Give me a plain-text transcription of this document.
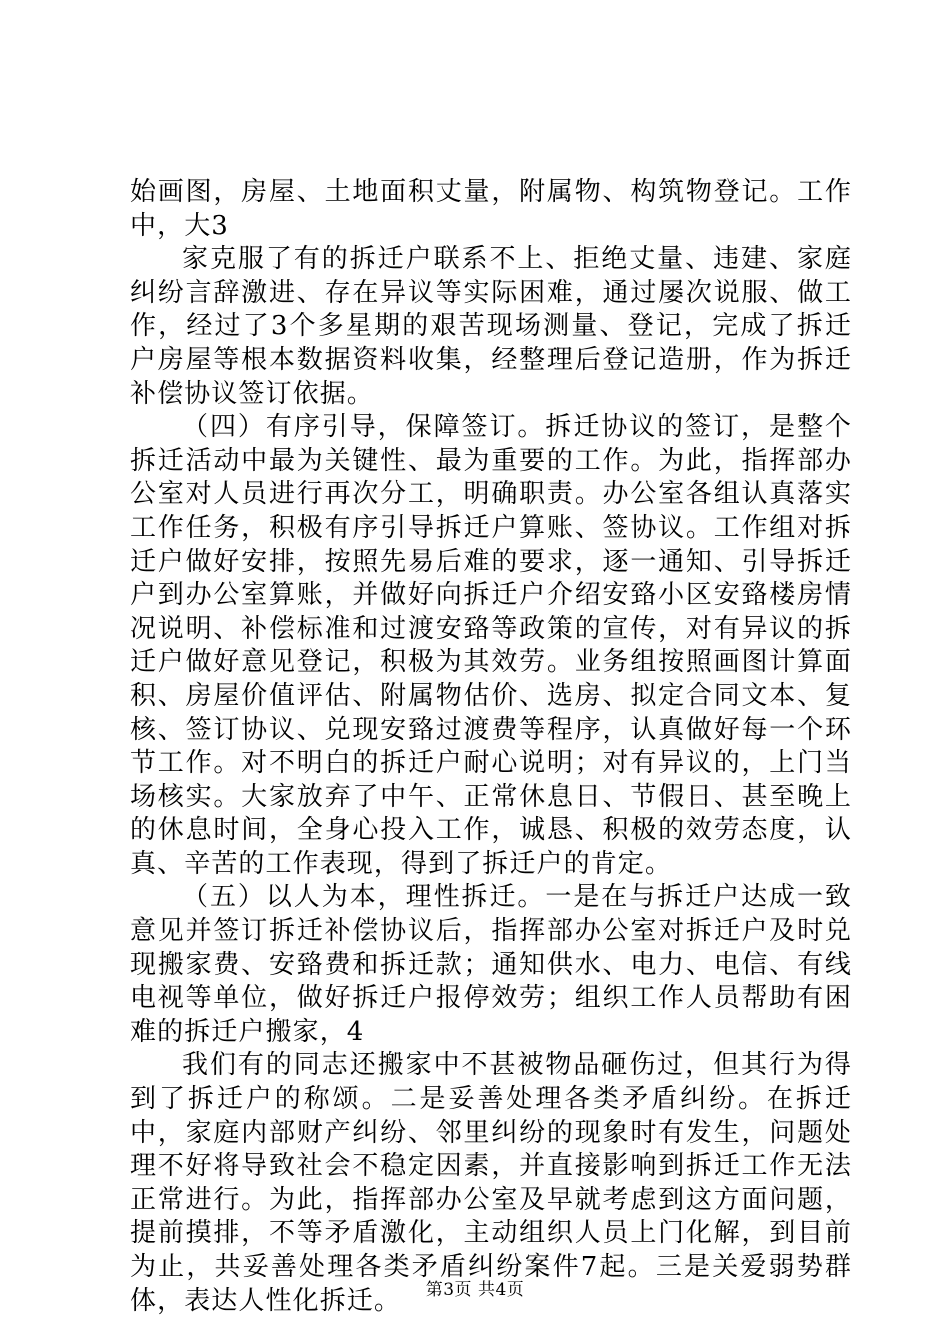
始画图，房屋、土地面积丈量，附属物、构筑物登记。工作中，大3

家克服了有的拆迁户联系不上、拒绝丈量、违建、家庭纠纷言辞激进、存在异议等实际困难，通过屡次说服、做工作，经过了3个多星期的艰苦现场测量、登记，完成了拆迁户房屋等根本数据资料收集，经整理后登记造册，作为拆迁补偿协议签订依据。

（四）有序引导，保障签订。拆迁协议的签订，是整个拆迁活动中最为关键性、最为重要的工作。为此，指挥部办公室对人员进行再次分工，明确职责。办公室各组认真落实工作任务，积极有序引导拆迁户算账、签协议。工作组对拆迁户做好安排，按照先易后难的要求，逐一通知、引导拆迁户到办公室算账，并做好向拆迁户介绍安臵小区安臵楼房情况说明、补偿标准和过渡安臵等政策的宣传，对有异议的拆迁户做好意见登记，积极为其效劳。业务组按照画图计算面积、房屋价值评估、附属物估价、选房、拟定合同文本、复核、签订协议、兑现安臵过渡费等程序，认真做好每一个环节工作。对不明白的拆迁户耐心说明；对有异议的，上门当场核实。大家放弃了中午、正常休息日、节假日、甚至晚上的休息时间，全身心投入工作，诚恳、积极的效劳态度，认真、辛苦的工作表现，得到了拆迁户的肯定。

（五）以人为本，理性拆迁。一是在与拆迁户达成一致意见并签订拆迁补偿协议后，指挥部办公室对拆迁户及时兑现搬家费、安臵费和拆迁款；通知供水、电力、电信、有线电视等单位，做好拆迁户报停效劳；组织工作人员帮助有困难的拆迁户搬家，4

我们有的同志还搬家中不甚被物品砸伤过，但其行为得到了拆迁户的称颂。二是妥善处理各类矛盾纠纷。在拆迁中，家庭内部财产纠纷、邻里纠纷的现象时有发生，问题处理不好将导致社会不稳定因素，并直接影响到拆迁工作无法正常进行。为此，指挥部办公室及早就考虑到这方面问题，提前摸排，不等矛盾激化，主动组织人员上门化解，到目前为止，共妥善处理各类矛盾纠纷案件7起。三是关爱弱势群体，表达人性化拆迁。	第3页 共4页
